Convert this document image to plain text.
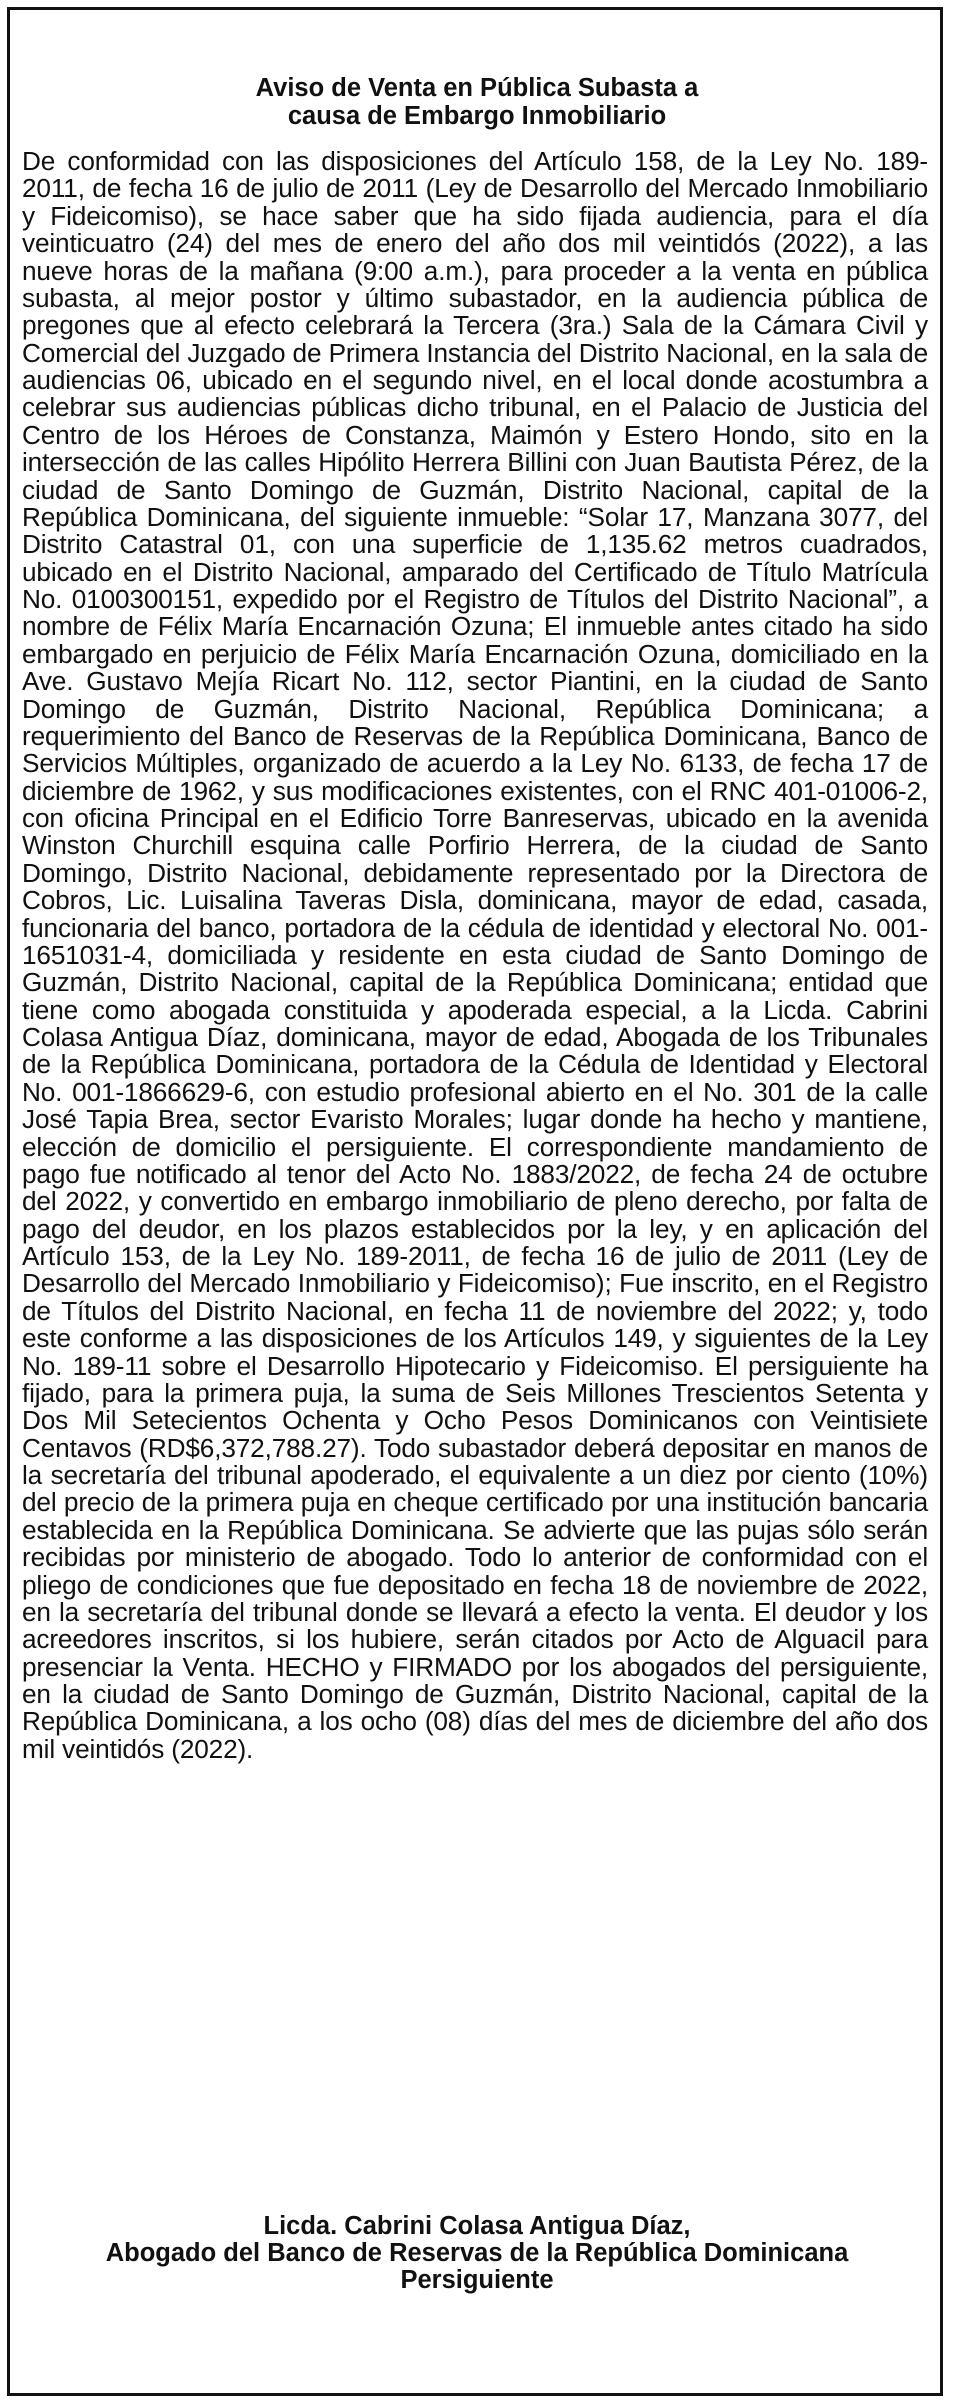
Aviso de Venta en Pública Subasta a
causa de Embargo Inmobiliario

De conformidad con las disposiciones del Artículo 158, de la Ley No. 189-2011, de fecha 16 de julio de 2011 (Ley de Desarrollo del Mercado Inmobiliario y Fideicomiso), se hace saber que ha sido fijada audiencia, para el día veinticuatro (24) del mes de enero del año dos mil veintidós (2022), a las nueve horas de la mañana (9:00 a.m.), para proceder a la venta en pública subasta, al mejor postor y último subastador, en la audiencia pública de pregones que al efecto celebrará la Tercera (3ra.) Sala de la Cámara Civil y Comercial del Juzgado de Primera Instancia del Distrito Nacional, en la sala de audiencias 06, ubicado en el segundo nivel, en el local donde acostumbra a celebrar sus audiencias públicas dicho tribunal, en el Palacio de Justicia del Centro de los Héroes de Constanza, Maimón y Estero Hondo, sito en la intersección de las calles Hipólito Herrera Billini con Juan Bautista Pérez, de la ciudad de Santo Domingo de Guzmán, Distrito Nacional, capital de la República Dominicana, del siguiente inmueble: “Solar 17, Manzana 3077, del Distrito Catastral 01, con una superficie de 1,135.62 metros cuadrados, ubicado en el Distrito Nacional, amparado del Certificado de Título Matrícula No. 0100300151, expedido por el Registro de Títulos del Distrito Nacional”, a nombre de Félix María Encarnación Ozuna; El inmueble antes citado ha sido embargado en perjuicio de Félix María Encarnación Ozuna, domiciliado en la Ave. Gustavo Mejía Ricart No. 112, sector Piantini, en la ciudad de Santo Domingo de Guzmán, Distrito Nacional, República Dominicana; a requerimiento del Banco de Reservas de la República Dominicana, Banco de Servicios Múltiples, organizado de acuerdo a la Ley No. 6133, de fecha 17 de diciembre de 1962, y sus modificaciones existentes, con el RNC 401-01006-2, con oficina Principal en el Edificio Torre Banreservas, ubicado en la avenida Winston Churchill esquina calle Porfirio Herrera, de la ciudad de Santo Domingo, Distrito Nacional, debidamente representado por la Directora de Cobros, Lic. Luisalina Taveras Disla, dominicana, mayor de edad, casada, funcionaria del banco, portadora de la cédula de identidad y electoral No. 001-1651031-4, domiciliada y residente en esta ciudad de Santo Domingo de Guzmán, Distrito Nacional, capital de la República Dominicana; entidad que tiene como abogada constituida y apoderada especial, a la Licda. Cabrini Colasa Antigua Díaz, dominicana, mayor de edad, Abogada de los Tribunales de la República Dominicana, portadora de la Cédula de Identidad y Electoral No. 001-1866629-6, con estudio profesional abierto en el No. 301 de la calle José Tapia Brea, sector Evaristo Morales; lugar donde ha hecho y mantiene, elección de domicilio el persiguiente. El correspondiente mandamiento de pago fue notificado al tenor del Acto No. 1883/2022, de fecha 24 de octubre del 2022, y convertido en embargo inmobiliario de pleno derecho, por falta de pago del deudor, en los plazos establecidos por la ley, y en aplicación del Artículo 153, de la Ley No. 189-2011, de fecha 16 de julio de 2011 (Ley de Desarrollo del Mercado Inmobiliario y Fideicomiso); Fue inscrito, en el Registro de Títulos del Distrito Nacional, en fecha 11 de noviembre del 2022; y, todo este conforme a las disposiciones de los Artículos 149, y siguientes de la Ley No. 189-11 sobre el Desarrollo Hipotecario y Fideicomiso. El persiguiente ha fijado, para la primera puja, la suma de Seis Millones Trescientos Setenta y Dos Mil Setecientos Ochenta y Ocho Pesos Dominicanos con Veintisiete Centavos (RD$6,372,788.27). Todo subastador deberá depositar en manos de la secretaría del tribunal apoderado, el equivalente a un diez por ciento (10%) del precio de la primera puja en cheque certificado por una institución bancaria establecida en la República Dominicana. Se advierte que las pujas sólo serán recibidas por ministerio de abogado. Todo lo anterior de conformidad con el pliego de condiciones que fue depositado en fecha 18 de noviembre de 2022, en la secretaría del tribunal donde se llevará a efecto la venta. El deudor y los acreedores inscritos, si los hubiere, serán citados por Acto de Alguacil para presenciar la Venta. HECHO y FIRMADO por los abogados del persiguiente, en la ciudad de Santo Domingo de Guzmán, Distrito Nacional, capital de la República Dominicana, a los ocho (08) días del mes de diciembre del año dos mil veintidós (2022).

Licda. Cabrini Colasa Antigua Díaz,
Abogado del Banco de Reservas de la República Dominicana
Persiguiente
